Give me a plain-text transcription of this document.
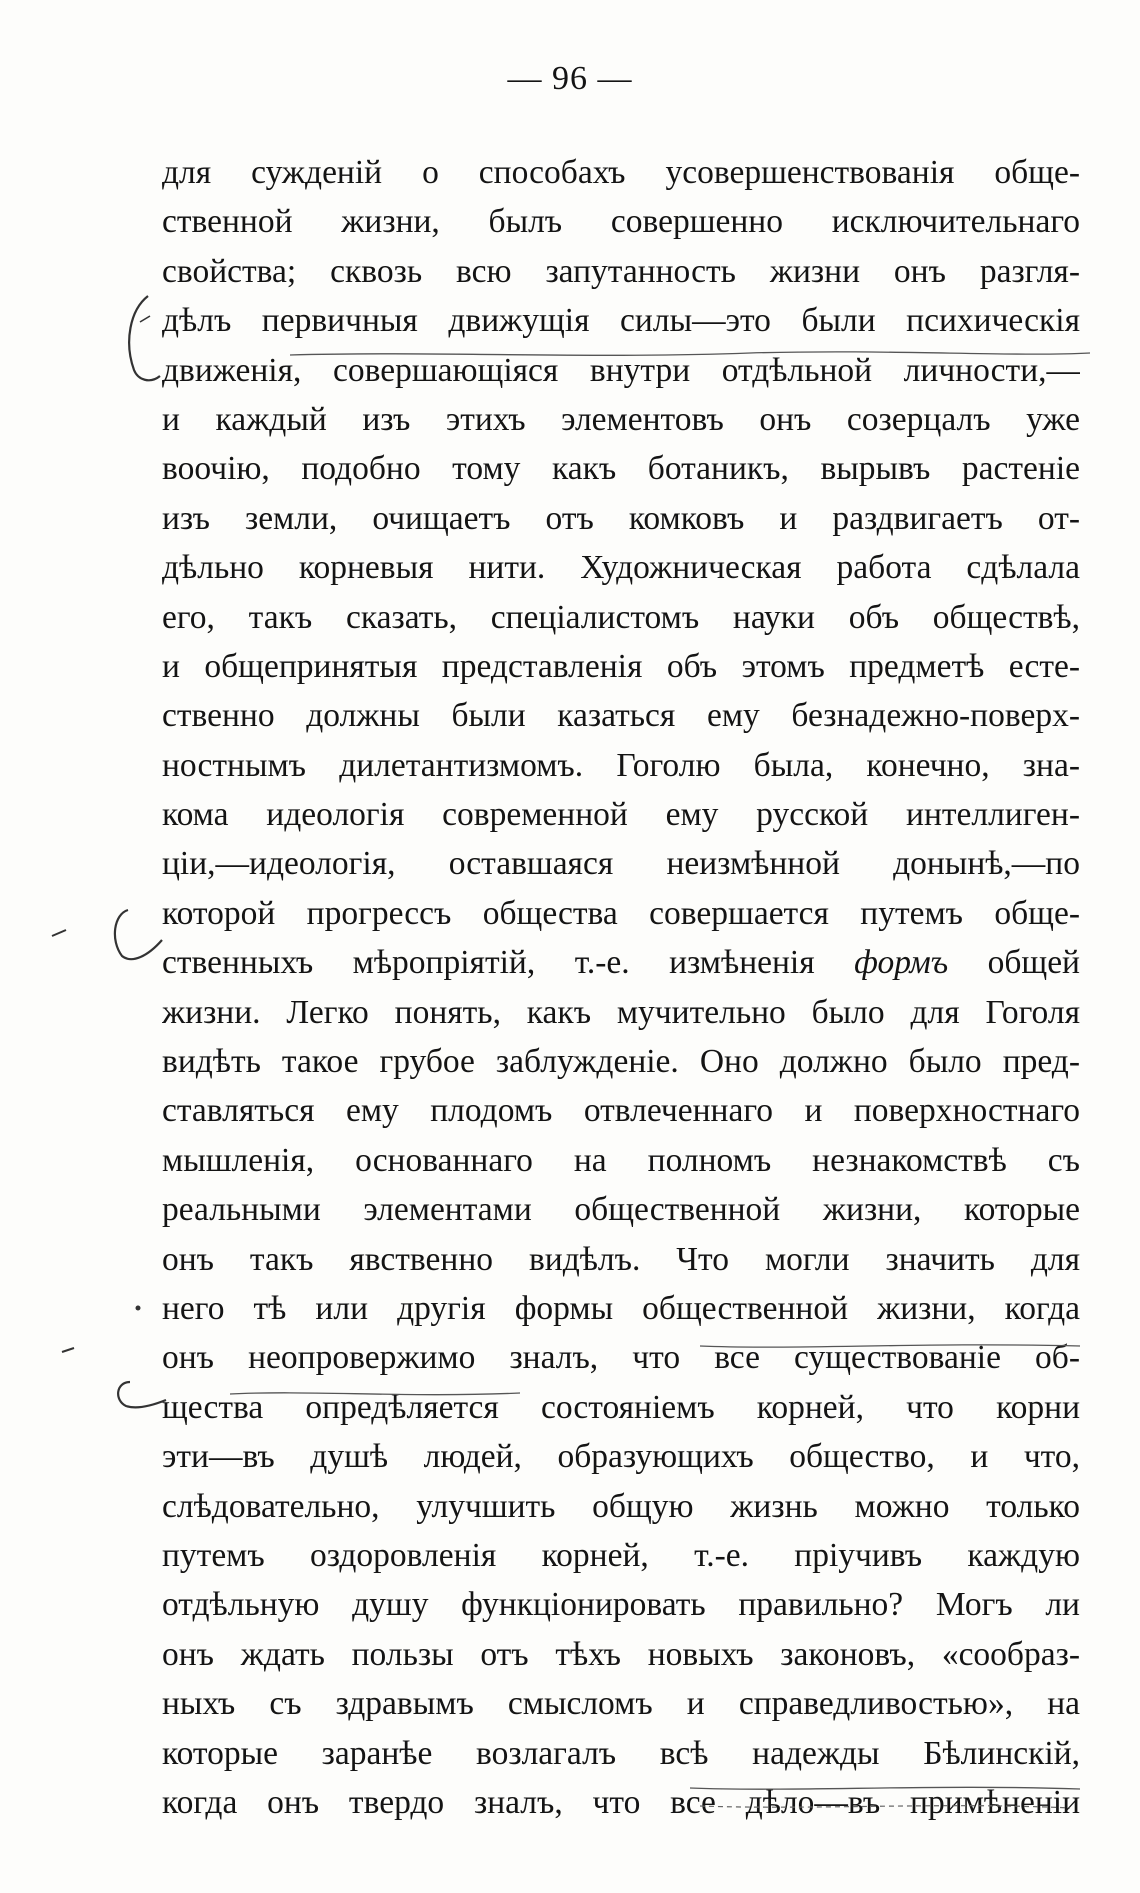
— 96 —
для сужденій о способахъ усовершенствованія обще-
ственной жизни, былъ совершенно исключительнаго
свойства; сквозь всю запутанность жизни онъ разгля-
дѣлъ первичныя движущія силы—это были психическія
движенія, совершающіяся внутри отдѣльной личности,—
и каждый изъ этихъ элементовъ онъ созерцалъ уже
воочію, подобно тому какъ ботаникъ, вырывъ растеніе
изъ земли, очищаетъ отъ комковъ и раздвигаетъ от-
дѣльно корневыя нити. Художническая работа сдѣлала
его, такъ сказать, спеціалистомъ науки объ обществѣ,
и общепринятыя представленія объ этомъ предметѣ есте-
ственно должны были казаться ему безнадежно-поверх-
ностнымъ дилетантизмомъ. Гоголю была, конечно, зна-
кома идеологія современной ему русской интеллиген-
ціи,—идеологія, оставшаяся неизмѣнной донынѣ,—по
которой прогрессъ общества совершается путемъ обще-
ственныхъ мѣропріятій, т.-е. измѣненія формъ общей
жизни. Легко понять, какъ мучительно было для Гоголя
видѣть такое грубое заблужденіе. Оно должно было пред-
ставляться ему плодомъ отвлеченнаго и поверхностнаго
мышленія, основаннаго на полномъ незнакомствѣ съ
реальными элементами общественной жизни, которые
онъ такъ явственно видѣлъ. Что могли значить для
него тѣ или другія формы общественной жизни, когда
онъ неопровержимо зналъ, что все существованіе об-
щества опредѣляется состояніемъ корней, что корни
эти—въ душѣ людей, образующихъ общество, и что,
слѣдовательно, улучшить общую жизнь можно только
путемъ оздоровленія корней, т.-е. пріучивъ каждую
отдѣльную душу функціонировать правильно? Могъ ли
онъ ждать пользы отъ тѣхъ новыхъ законовъ, «сообраз-
ныхъ съ здравымъ смысломъ и справедливостью», на
которые заранѣе возлагалъ всѣ надежды Бѣлинскій,
когда онъ твердо зналъ, что все дѣло—въ примѣненіи
